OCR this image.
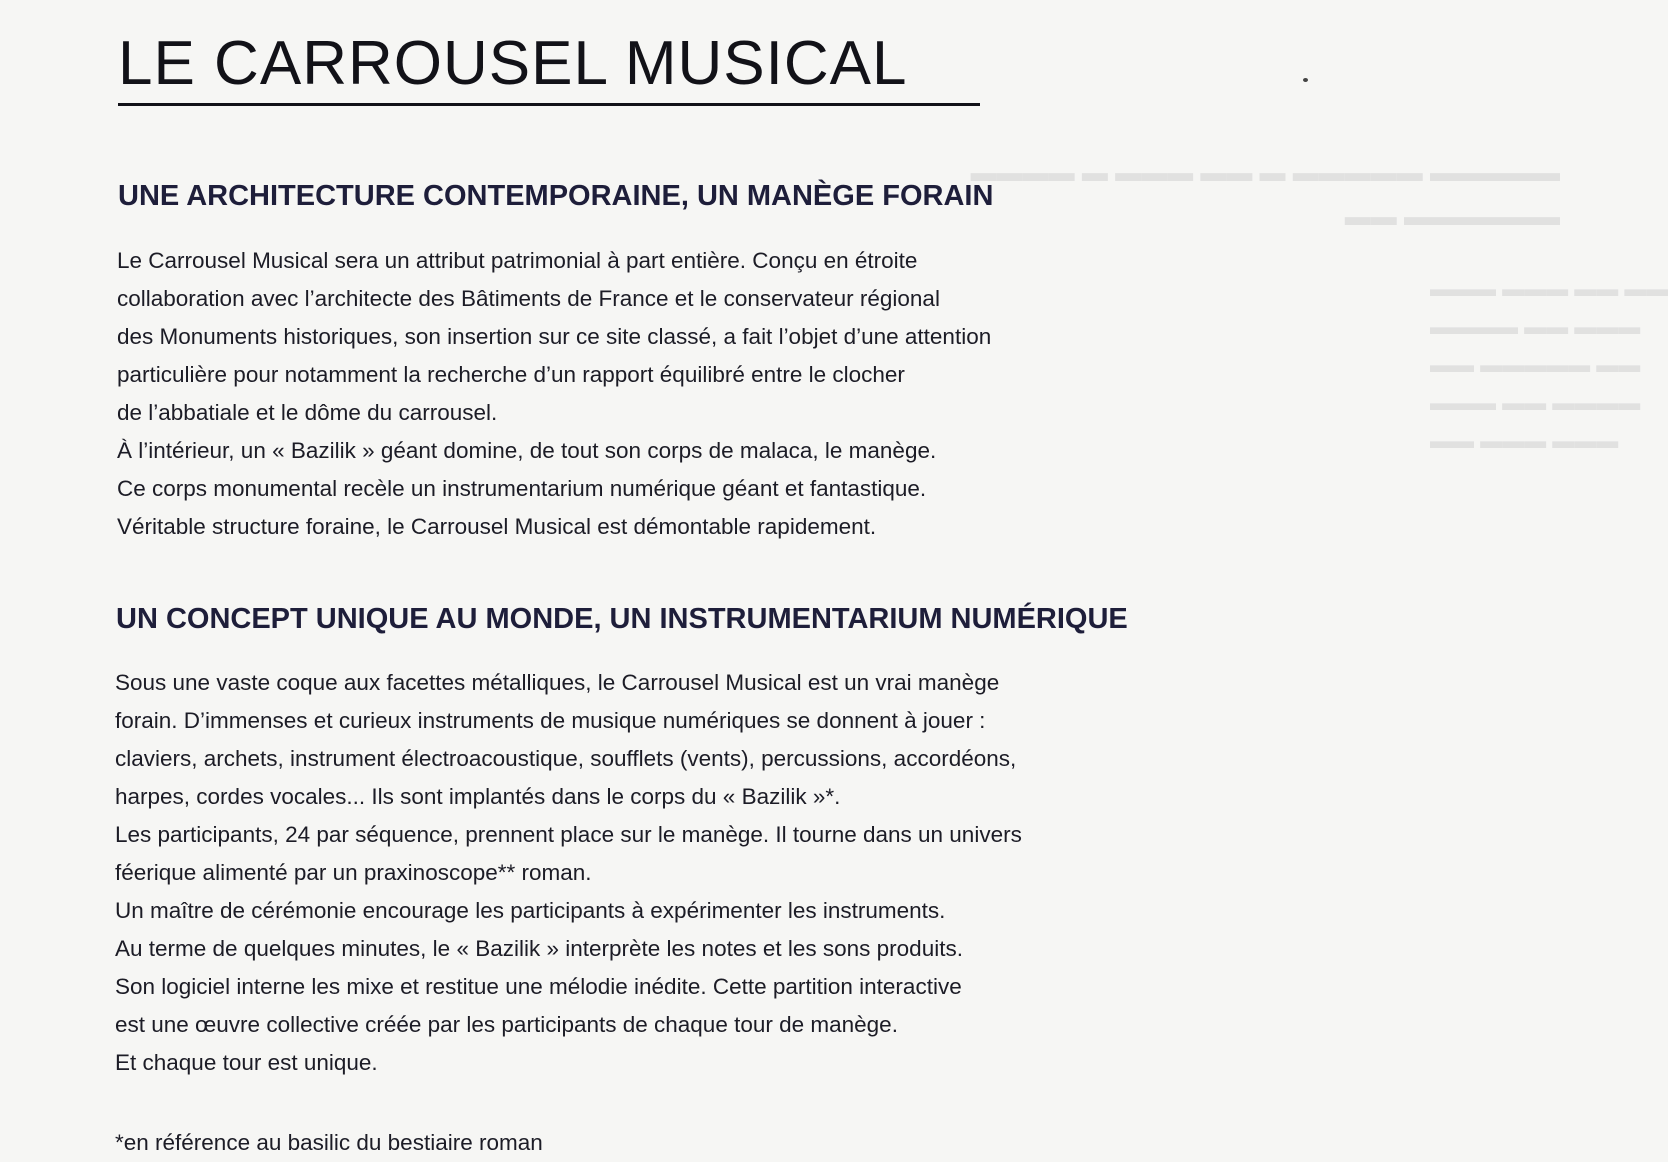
▬▬▬▬ ▬ ▬▬▬ ▬▬ ▬ ▬▬▬▬▬ ▬▬▬▬▬
▬▬ ▬▬▬▬▬▬
▬▬▬ ▬▬▬ ▬▬ ▬▬
▬▬▬▬ ▬▬ ▬▬▬
▬▬ ▬▬▬▬▬ ▬▬
▬▬▬ ▬▬ ▬▬▬▬
▬▬ ▬▬▬ ▬▬▬
LE CARROUSEL MUSICAL
UNE ARCHITECTURE CONTEMPORAINE, UN MANÈGE FORAIN
Le Carrousel Musical sera un attribut patrimonial à part entière. Conçu en étroite
collaboration avec l’architecte des Bâtiments de France et le conservateur régional
des Monuments historiques, son insertion sur ce site classé, a fait l’objet d’une attention
particulière pour notamment la recherche d’un rapport équilibré entre le clocher
de l’abbatiale et le dôme du carrousel.
À l’intérieur, un « Bazilik » géant domine, de tout son corps de malaca, le manège.
Ce corps monumental recèle un instrumentarium numérique géant et fantastique.
Véritable structure foraine, le Carrousel Musical est démontable rapidement.
UN CONCEPT UNIQUE AU MONDE, UN INSTRUMENTARIUM NUMÉRIQUE
Sous une vaste coque aux facettes métalliques, le Carrousel Musical est un vrai manège
forain. D’immenses et curieux instruments de musique numériques se donnent à jouer :
claviers, archets, instrument électroacoustique, soufflets (vents), percussions, accordéons,
harpes, cordes vocales... Ils sont implantés dans le corps du « Bazilik »*.
Les participants, 24 par séquence, prennent place sur le manège. Il tourne dans un univers
féerique alimenté par un praxinoscope** roman.
Un maître de cérémonie encourage les participants à expérimenter les instruments.
Au terme de quelques minutes, le « Bazilik » interprète les notes et les sons produits.
Son logiciel interne les mixe et restitue une mélodie inédite. Cette partition interactive
est une œuvre collective créée par les participants de chaque tour de manège.
Et chaque tour est unique.

*en référence au basilic du bestiaire roman
